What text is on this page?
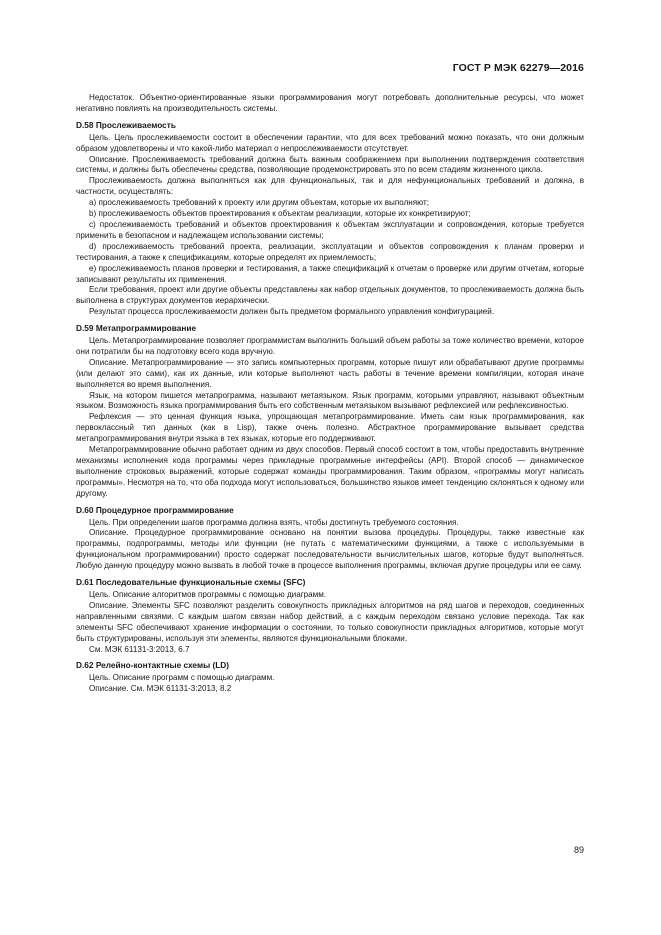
ГОСТ Р МЭК 62279—2016

Недостаток. Объектно-ориентированные языки программирования могут потребовать дополнительные ресурсы, что может негативно повлиять на производительность системы.

D.58 Прослеживаемость

Цель. Цель прослеживаемости состоит в обеспечении гарантии, что для всех требований можно показать, что они должным образом удовлетворены и что какой-либо материал о непрослеживаемости отсутствует.

Описание. Прослеживаемость требований должна быть важным соображением при выполнении подтверждения соответствия системы, и должны быть обеспечены средства, позволяющие продемонстрировать это по всем стадиям жизненного цикла.

Прослеживаемость должна выполняться как для функциональных, так и для нефункциональных требований и должна, в частности, осуществлять:

a) прослеживаемость требований к проекту или другим объектам, которые их выполняют;

b) прослеживаемость объектов проектирования к объектам реализации, которые их конкретизируют;

c) прослеживаемость требований и объектов проектирования к объектам эксплуатации и сопровождения, которые требуется применить в безопасном и надлежащем использовании системы;

d) прослеживаемость требований проекта, реализации, эксплуатации и объектов сопровождения к планам проверки и тестирования, а также к спецификациям, которые определят их приемлемость;

e) прослеживаемость планов проверки и тестирования, а также спецификаций к отчетам о проверке или другим отчетам, которые записывают результаты их применения.

Если требования, проект или другие объекты представлены как набор отдельных документов, то прослеживаемость должна быть выполнена в структурах документов иерархически.

Результат процесса прослеживаемости должен быть предметом формального управления конфигурацией.

D.59 Метапрограммирование

Цель. Метапрограммирование позволяет программистам выполнить больший объем работы за тоже количество времени, которое они потратили бы на подготовку всего кода вручную.

Описание. Метапрограммирование — это запись компьютерных программ, которые пишут или обрабатывают другие программы (или делают это сами), как их данные, или которые выполняют часть работы в течение времени компиляции, которая иначе выполняется во время выполнения.

Язык, на котором пишется метапрограмма, называют метаязыком. Язык программ, которыми управляют, называют объектным языком. Возможность языка программирования быть его собственным метаязыком вызывают рефлексией или рефлексивностью.

Рефлексия — это ценная функция языка, упрощающая метапрограммирование. Иметь сам язык программирования, как первоклассный тип данных (как в Lisp), также очень полезно. Абстрактное программирование вызывает средства метапрограммирования внутри языка в тех языках, которые его поддерживают.

Метапрограммирование обычно работает одним из двух способов. Первый способ состоит в том, чтобы предоставить внутренние механизмы исполнения кода программы через прикладные программные интерфейсы (API). Второй способ — динамическое выполнение строковых выражений, которые содержат команды программирования. Таким образом, «программы могут написать программы». Несмотря на то, что оба подхода могут использоваться, большинство языков имеет тенденцию склоняться к одному или другому.

D.60 Процедурное программирование

Цель. При определении шагов программа должна взять, чтобы достигнуть требуемого состояния.

Описание. Процедурное программирование основано на понятии вызова процедуры. Процедуры, также известные как программы, подпрограммы, методы или функции (не путать с математическими функциями, а также с используемыми в функциональном программировании) просто содержат последовательности вычислительных шагов, которые будут выполняться. Любую данную процедуру можно вызвать в любой точке в процессе выполнения программы, включая другие процедуры или ее саму.

D.61 Последовательные функциональные схемы (SFC)

Цель. Описание алгоритмов программы с помощью диаграмм.

Описание. Элементы SFC позволяют разделить совокупность прикладных алгоритмов на ряд шагов и переходов, соединенных направленными связями. С каждым шагом связан набор действий, а с каждым переходом связано условие перехода. Так как элементы SFC обеспечивают хранение информации о состоянии, то только совокупности прикладных алгоритмов, которые могут быть структурированы, используя эти элементы, являются функциональными блоками.

См. МЭК 61131-3:2013, 6.7

D.62 Релейно-контактные схемы (LD)

Цель. Описание программ с помощью диаграмм.

Описание. См. МЭК 61131-3:2013, 8.2

89
